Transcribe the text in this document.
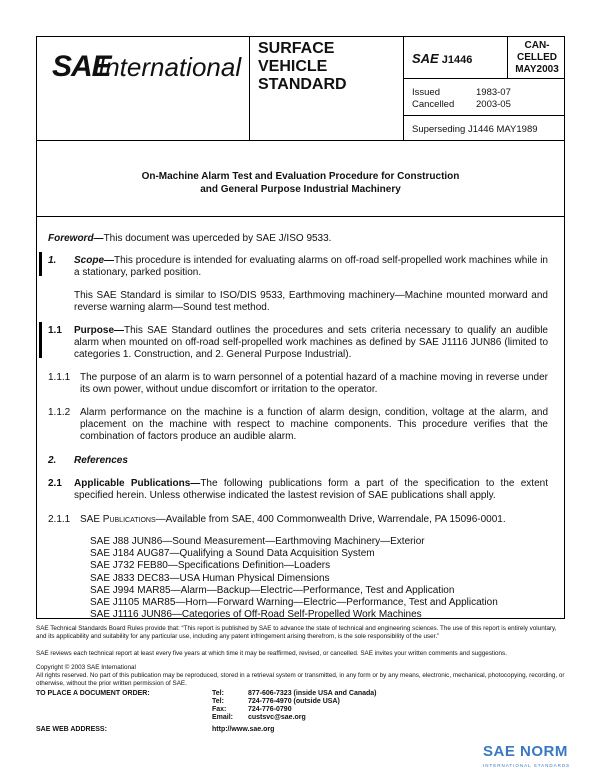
SAE
International
SURFACE
VEHICLE
STANDARD
SAE J1446
CAN-
CELLED
MAY2003
Issued	1983-07
Cancelled 2003-05
Superseding J1446 MAY1989
On-Machine Alarm Test and Evaluation Procedure for Construction
and General Purpose Industrial Machinery
Foreword—This document was uperceded by SAE J/ISO 9533.
1. Scope—This procedure is intended for evaluating alarms on off-road self-propelled work machines while in a stationary, parked position.
This SAE Standard is similar to ISO/DIS 9533, Earthmoving machinery—Machine mounted morward and reverse warning alarm—Sound test method.
1.1 Purpose—This SAE Standard outlines the procedures and sets criteria necessary to qualify an audible alarm when mounted on off-road self-propelled work machines as defined by SAE J1116 JUN86 (limited to categories 1. Construction, and 2. General Purpose Industrial).
1.1.1 The purpose of an alarm is to warn personnel of a potential hazard of a machine moving in reverse under its own power, without undue discomfort or irritation to the operator.
1.1.2 Alarm performance on the machine is a function of alarm design, condition, voltage at the alarm, and placement on the machine with respect to machine components. This procedure verifies that the combination of factors produce an audible alarm.
2. References
2.1 Applicable Publications—The following publications form a part of the specification to the extent specified herein. Unless otherwise indicated the lastest revision of SAE publications shall apply.
2.1.1 SAE Publications—Available from SAE, 400 Commonwealth Drive, Warrendale, PA 15096-0001.
SAE J88 JUN86—Sound Measurement—Earthmoving Machinery—Exterior
SAE J184 AUG87—Qualifying a Sound Data Acquisition System
SAE J732 FEB80—Specifications Definition—Loaders
SAE J833 DEC83—USA Human Physical Dimensions
SAE J994 MAR85—Alarm—Backup—Electric—Performance, Test and Application
SAE J1105 MAR85—Horn—Forward Warning—Electric—Performance, Test and Application
SAE J1116 JUN86—Categories of Off-Road Self-Propelled Work Machines
SAE Technical Standards Board Rules provide that: “This report is published by SAE to advance the state of technical and engineering sciences. The use of this report is entirely voluntary, and its applicability and suitability for any particular use, including any patent infringement arising therefrom, is the sole responsibility of the user.”
SAE reviews each technical report at least every five years at which time it may be reaffirmed, revised, or cancelled. SAE invites your written comments and suggestions.
Copyright © 2003 SAE International
All rights reserved. No part of this publication may be reproduced, stored in a retrieval system or transmitted, in any form or by any means, electronic, mechanical, photocopying, recording, or otherwise, without the prior written permission of SAE.
TO PLACE A DOCUMENT ORDER:	Tel:	877-606-7323 (inside USA and Canada)
Tel:	724-776-4970 (outside USA)
Fax:	724-776-0790
Email: custsvc@sae.org
SAE WEB ADDRESS:	http://www.sae.org
SAE NORM
INTERNATIONAL STANDARDS
